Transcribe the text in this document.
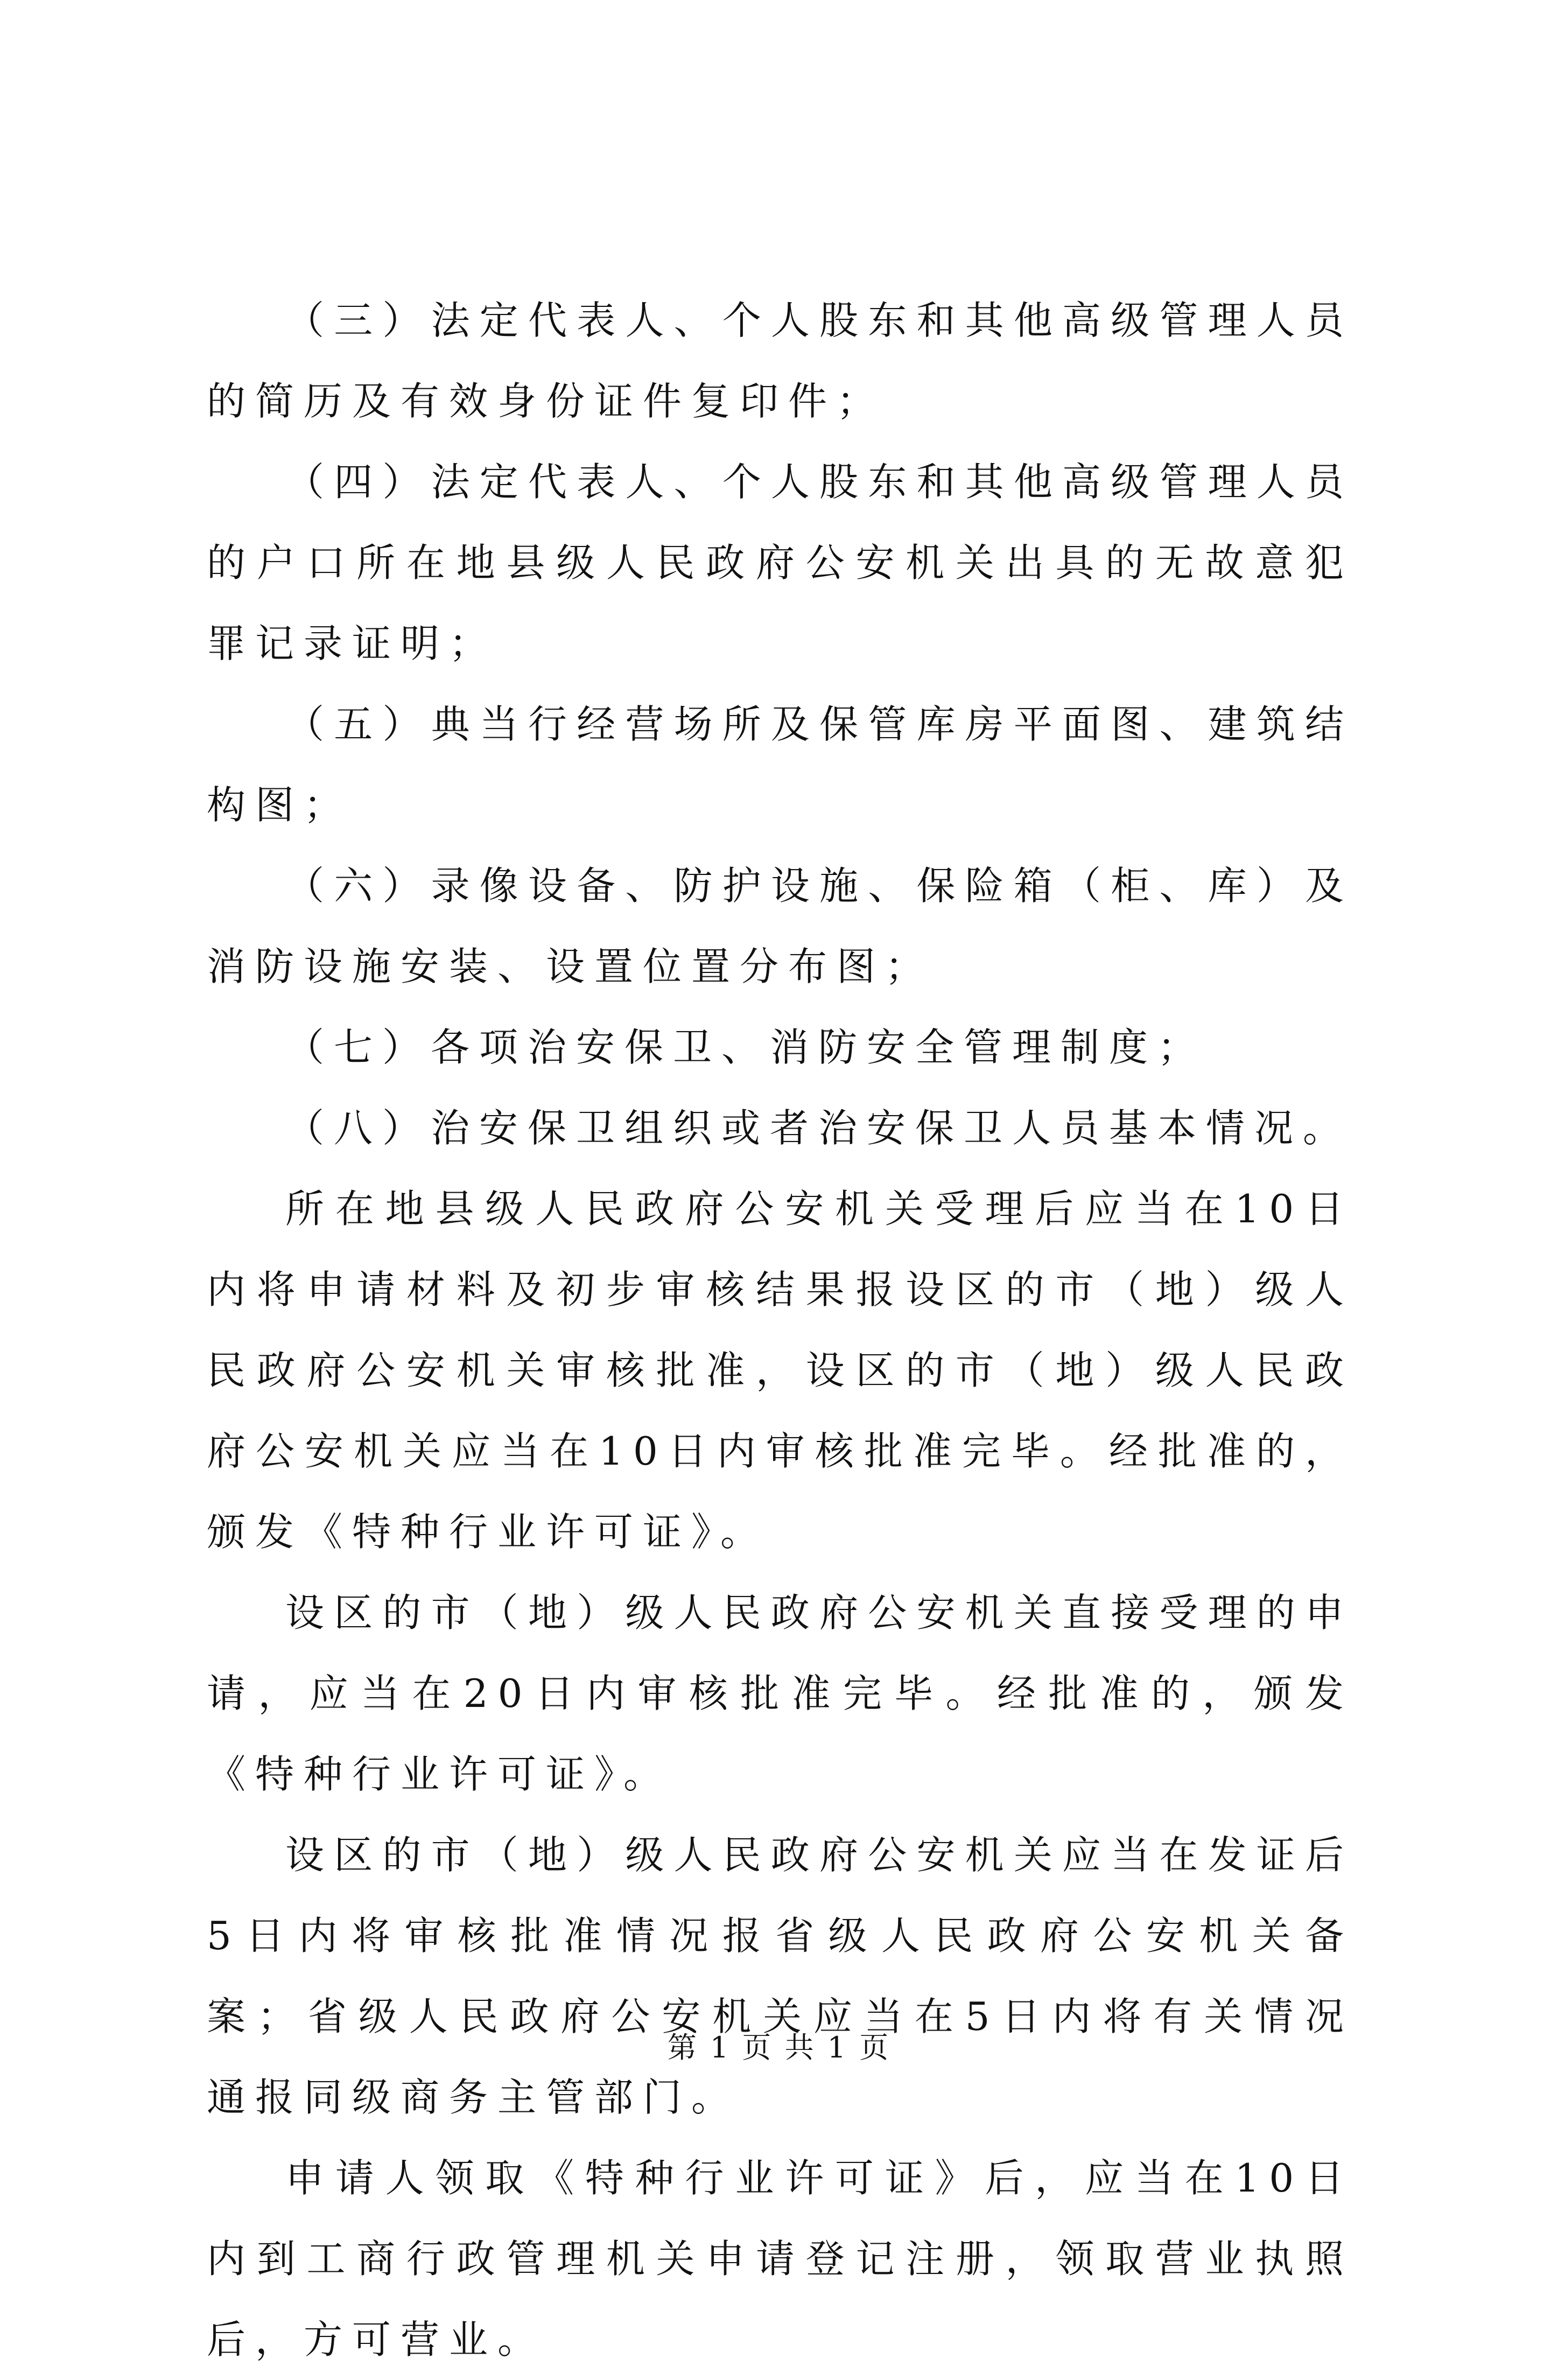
（三）法定代表人、个人股东和其他高级管理人员的简历及有效身份证件复印件；

（四）法定代表人、个人股东和其他高级管理人员的户口所在地县级人民政府公安机关出具的无故意犯罪记录证明；

（五）典当行经营场所及保管库房平面图、建筑结构图；

（六）录像设备、防护设施、保险箱（柜、库）及消防设施安装、设置位置分布图；

（七）各项治安保卫、消防安全管理制度；

（八）治安保卫组织或者治安保卫人员基本情况。

所在地县级人民政府公安机关受理后应当在10日内将申请材料及初步审核结果报设区的市（地）级人民政府公安机关审核批准，设区的市（地）级人民政府公安机关应当在10日内审核批准完毕。经批准的，颁发《特种行业许可证》。

设区的市（地）级人民政府公安机关直接受理的申请，应当在20日内审核批准完毕。经批准的，颁发《特种行业许可证》。

设区的市（地）级人民政府公安机关应当在发证后5日内将审核批准情况报省级人民政府公安机关备案；省级人民政府公安机关应当在5日内将有关情况通报同级商务主管部门。

申请人领取《特种行业许可证》后，应当在10日内到工商行政管理机关申请登记注册，领取营业执照后，方可营业。

第 1 页 共 1 页
